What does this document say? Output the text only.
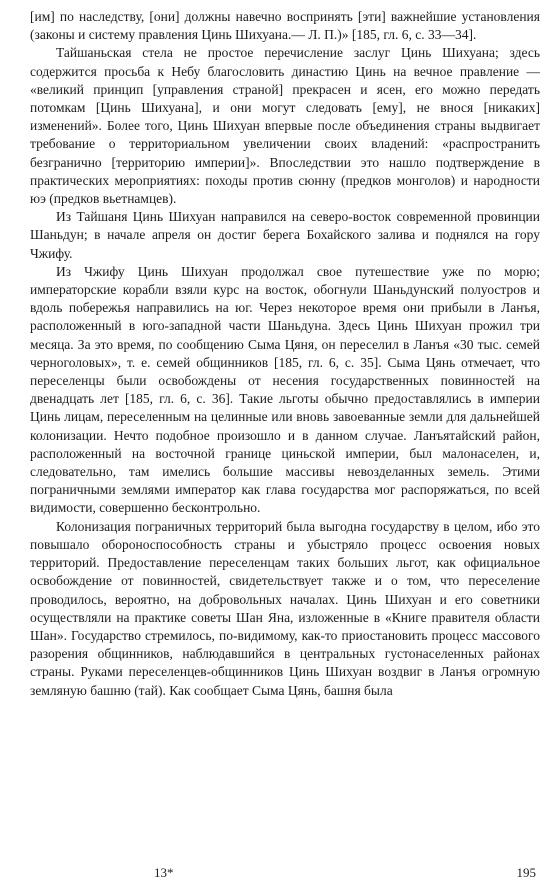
[им] по наследству, [они] должны навечно воспринять [эти] важнейшие установления (законы и систему правления Цинь Шихуана.— Л. П.)» [185, гл. 6, с. 33—34].

Тайшаньская стела не простое перечисление заслуг Цинь Шихуана; здесь содержится просьба к Небу благословить династию Цинь на вечное правление — «великий принцип [управления страной] прекрасен и ясен, его можно передать потомкам [Цинь Шихуана], и они могут следовать [ему], не внося [никаких] изменений». Более того, Цинь Шихуан впервые после объединения страны выдвигает требование о территориальном увеличении своих владений: «распространить безгранично [территорию империи]». Впоследствии это нашло подтверждение в практических мероприятиях: походы против сюнну (предков монголов) и народности юэ (предков вьетнамцев).

Из Тайшаня Цинь Шихуан направился на северо-восток современной провинции Шаньдун; в начале апреля он достиг берега Бохайского залива и поднялся на гору Чжифу.

Из Чжифу Цинь Шихуан продолжал свое путешествие уже по морю; императорские корабли взяли курс на восток, обогнули Шаньдунский полуостров и вдоль побережья направились на юг. Через некоторое время они прибыли в Ланъя, расположенный в юго-западной части Шаньдуна. Здесь Цинь Шихуан прожил три месяца. За это время, по сообщению Сыма Цяня, он переселил в Ланъя «30 тыс. семей черноголовых», т. е. семей общинников [185, гл. 6, с. 35]. Сыма Цянь отмечает, что переселенцы были освобождены от несения государственных повинностей на двенадцать лет [185, гл. 6, с. 36]. Такие льготы обычно предоставлялись в империи Цинь лицам, переселенным на целинные или вновь завоеванные земли для дальнейшей колонизации. Нечто подобное произошло и в данном случае. Ланъятайский район, расположенный на восточной границе циньской империи, был малонаселен, и, следовательно, там имелись большие массивы невозделанных земель. Этими пограничными землями император как глава государства мог распоряжаться, по всей видимости, совершенно бесконтрольно.

Колонизация пограничных территорий была выгодна государству в целом, ибо это повышало обороноспособность страны и убыстряло процесс освоения новых территорий. Предоставление переселенцам таких больших льгот, как официальное освобождение от повинностей, свидетельствует также и о том, что переселение проводилось, вероятно, на добровольных началах. Цинь Шихуан и его советники осуществляли на практике советы Шан Яна, изложенные в «Книге правителя области Шан». Государство стремилось, по-видимому, как-то приостановить процесс массового разорения общинников, наблюдавшийся в центральных густонаселенных районах страны. Руками переселенцев-общинников Цинь Шихуан воздвиг в Ланъя огромную земляную башню (тай). Как сообщает Сыма Цянь, башня была

13*	195
